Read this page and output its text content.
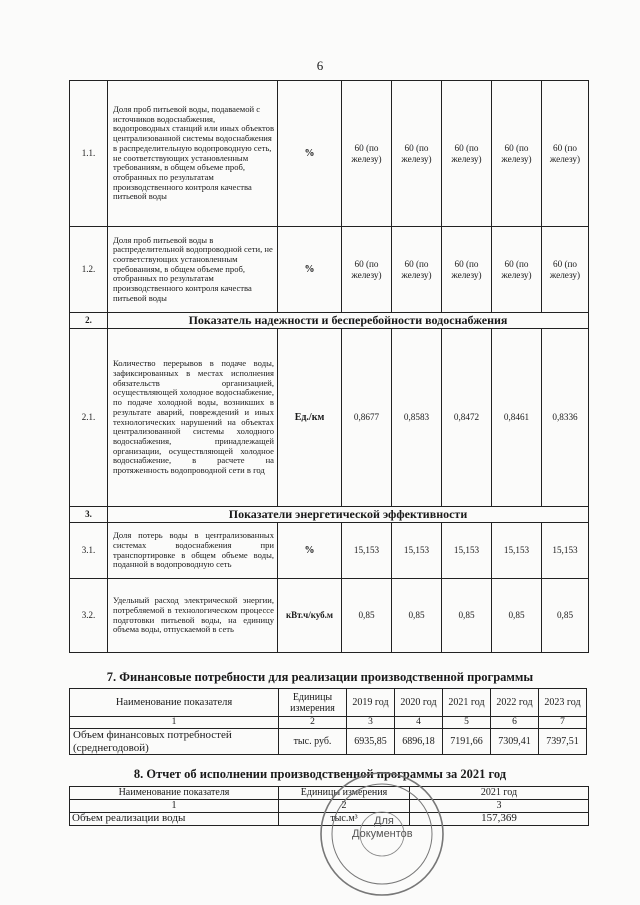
6
1.1.	Доля проб питьевой воды, подаваемой с источников водоснабжения, водопроводных станций или иных объектов централизованной системы водоснабжения в распределительную водопроводную сеть, не соответствующих установленным требованиям, в общем объеме проб, отобранных по результатам производственного контроля качества питьевой воды	%	60 (по железу)	60 (по железу)	60 (по железу)	60 (по железу)	60 (по железу)
1.2.	Доля проб питьевой воды в распределительной водопроводной сети, не соответствующих установленным требованиям, в общем объеме проб, отобранных по результатам производственного контроля качества питьевой воды	%	60 (по железу)	60 (по железу)	60 (по железу)	60 (по железу)	60 (по железу)
2.	Показатель надежности и бесперебойности водоснабжения						
2.1.	Количество перерывов в подаче воды, зафиксированных в местах исполнения обязательств организацией, осуществляющей холодное водоснабжение, по подаче холодной воды, возникших в результате аварий, повреждений и иных технологических нарушений на объектах централизованной системы холодного водоснабжения, принадлежащей организации, осуществляющей холодное водоснабжение, в расчете на протяженность водопроводной сети в год	Ед./км	0,8677	0,8583	0,8472	0,8461	0,8336
3.	Показатели энергетической эффективности						
3.1.	Доля потерь воды в централизованных системах водоснабжения при транспортировке в общем объеме воды, поданной в водопроводную сеть	%	15,153	15,153	15,153	15,153	15,153
3.2.	Удельный расход электрической энергии, потребляемой в технологическом процессе подготовки питьевой воды, на единицу объема воды, отпускаемой в сеть	кВт.ч/куб.м	0,85	0,85	0,85	0,85	0,85
7. Финансовые потребности для реализации производственной программы
Наименование показателя	Единицы измерения	2019 год	2020 год	2021 год	2022 год	2023 год
1	2	3	4	5	6	7
Объем финансовых потребностей (среднегодовой)	тыс. руб.	6935,85	6896,18	7191,66	7309,41	7397,51
8. Отчет об исполнении производственной программы за 2021 год
Наименование показателя	Единицы измерения	2021 год
1	2	3
Объем реализации воды	тыс.м³	157,369
Для
Документов
